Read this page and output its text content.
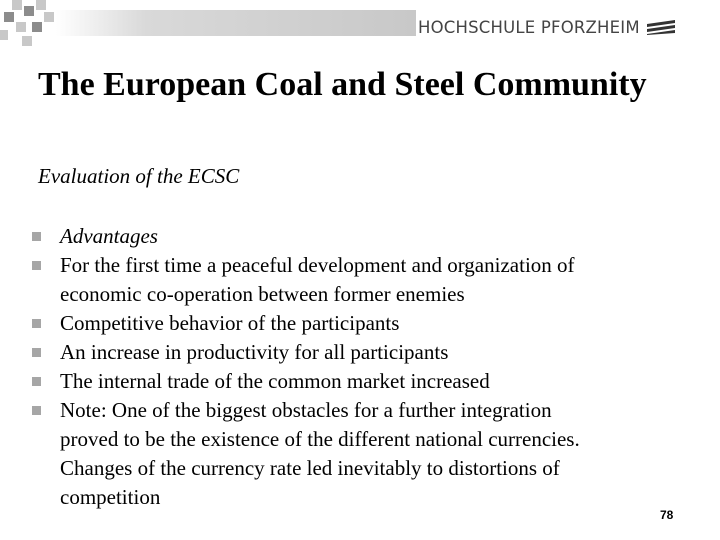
HOCHSCHULE PFORZHEIM
The European Coal and Steel Community
Evaluation of the ECSC
Advantages
For the first time a peaceful development and organization of
economic co-operation between former enemies
Competitive behavior of the participants
An increase in productivity for all participants
The internal trade of the common market increased
Note: One of the biggest obstacles for a further integration
proved to be the existence of the different national currencies.
Changes of the currency rate led inevitably to distortions of
competition
78
